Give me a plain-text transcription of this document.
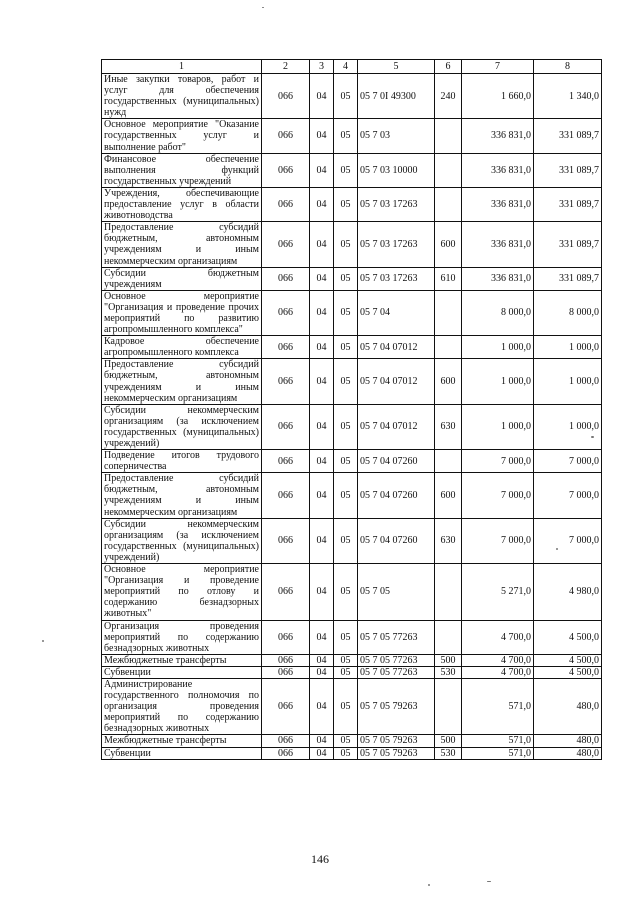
1	2	3	4	5	6	7	8
Иные закупки товаров, работ и услуг для обеспечения государственных (муниципальных) нужд	066	04	05	05 7 0I 49300	240	1 660,0	1 340,0
Основное мероприятие "Оказание государственных услуг и выполнение работ"	066	04	05	05 7 03		336 831,0	331 089,7
Финансовое обеспечение выполнения функций государственных учреждений	066	04	05	05 7 03 10000		336 831,0	331 089,7
Учреждения, обеспечивающие предоставление услуг в области животноводства	066	04	05	05 7 03 17263		336 831,0	331 089,7
Предоставление субсидий бюджетным, автономным учреждениям и иным некоммерческим организациям	066	04	05	05 7 03 17263	600	336 831,0	331 089,7
Субсидии бюджетным учреждениям	066	04	05	05 7 03 17263	610	336 831,0	331 089,7
Основное мероприятие "Организация и проведение прочих мероприятий по развитию агропромышленного комплекса"	066	04	05	05 7 04		8 000,0	8 000,0
Кадровое обеспечение агропромышленного комплекса	066	04	05	05 7 04 07012		1 000,0	1 000,0
Предоставление субсидий бюджетным, автономным учреждениям и иным некоммерческим организациям	066	04	05	05 7 04 07012	600	1 000,0	1 000,0
Субсидии некоммерческим организациям (за исключением государственных (муниципальных) учреждений)	066	04	05	05 7 04 07012	630	1 000,0	1 000,0
Подведение итогов трудового соперничества	066	04	05	05 7 04 07260		7 000,0	7 000,0
Предоставление субсидий бюджетным, автономным учреждениям и иным некоммерческим организациям	066	04	05	05 7 04 07260	600	7 000,0	7 000,0
Субсидии некоммерческим организациям (за исключением государственных (муниципальных) учреждений)	066	04	05	05 7 04 07260	630	7 000,0	7 000,0
Основное мероприятие "Организация и проведение мероприятий по отлову и содержанию безнадзорных животных"	066	04	05	05 7 05		5 271,0	4 980,0
Организация проведения мероприятий по содержанию безнадзорных животных	066	04	05	05 7 05 77263		4 700,0	4 500,0
Межбюджетные трансферты	066	04	05	05 7 05 77263	500	4 700,0	4 500,0
Субвенции	066	04	05	05 7 05 77263	530	4 700,0	4 500,0
Администрирование государственного полномочия по организация проведения мероприятий по содержанию безнадзорных животных	066	04	05	05 7 05 79263		571,0	480,0
Межбюджетные трансферты	066	04	05	05 7 05 79263	500	571,0	480,0
Субвенции	066	04	05	05 7 05 79263	530	571,0	480,0
146
